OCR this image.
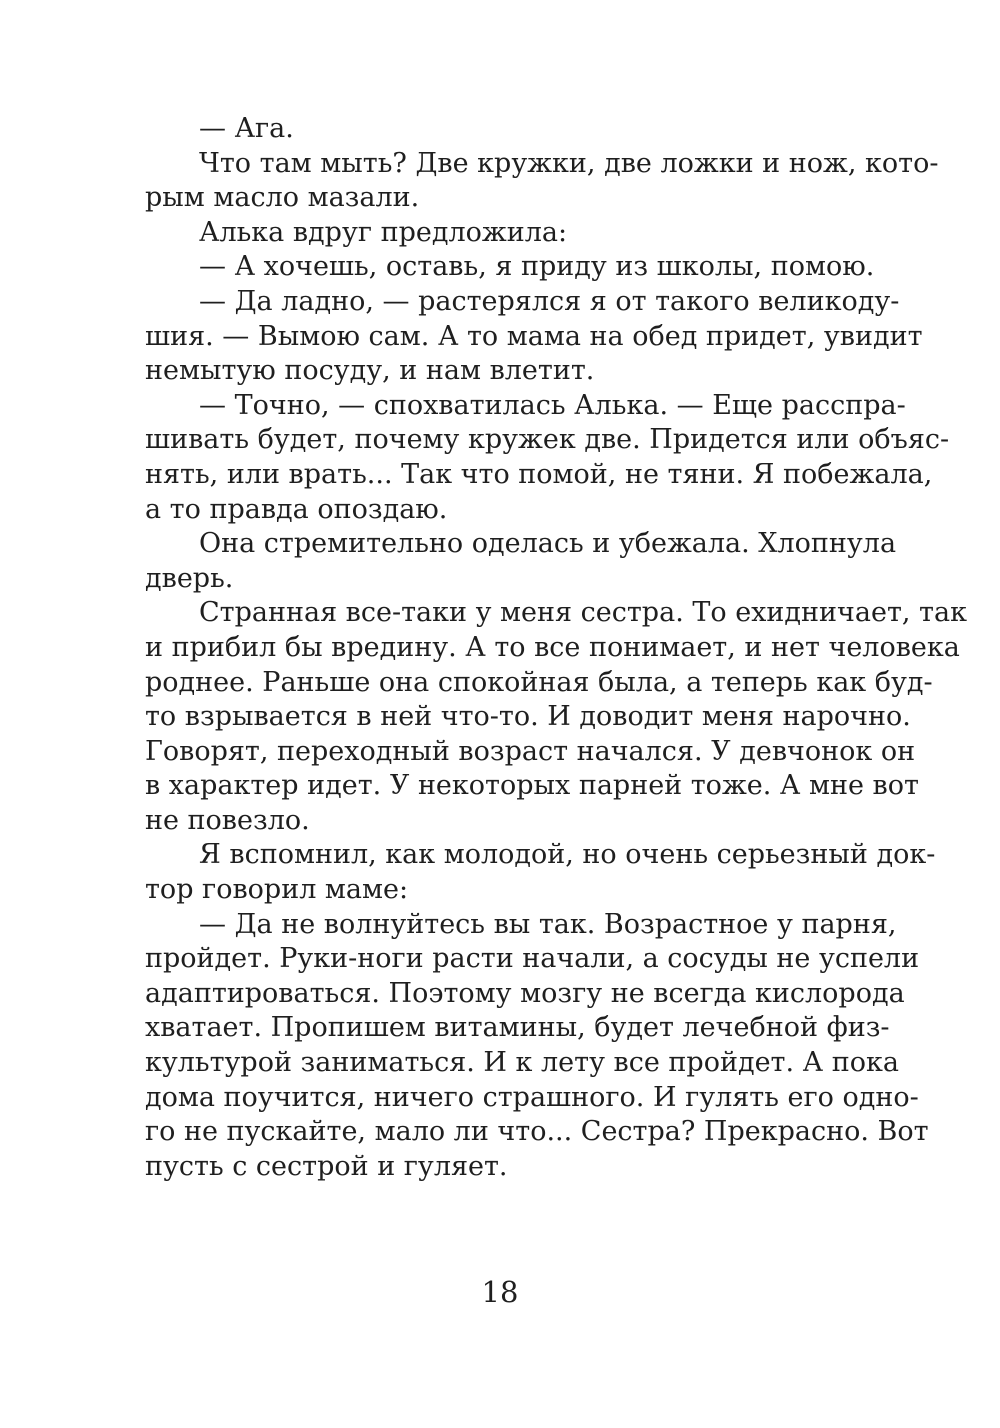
— Ага.
Что там мыть? Две кружки, две ложки и нож, кото-
рым масло мазали.
Алька вдруг предложила:
— А хочешь, оставь, я приду из школы, помою.
— Да ладно, — растерялся я от такого великоду-
шия. — Вымою сам. А то мама на обед придет, увидит
немытую посуду, и нам влетит.
— Точно, — спохватилась Алька. — Еще расспра-
шивать будет, почему кружек две. Придется или объяс-
нять, или врать... Так что помой, не тяни. Я побежала,
а то правда опоздаю.
Она стремительно оделась и убежала. Хлопнула
дверь.
Странная все-таки у меня сестра. То ехидничает, так
и прибил бы вредину. А то все понимает, и нет человека
роднее. Раньше она спокойная была, а теперь как буд-
то взрывается в ней что-то. И доводит меня нарочно.
Говорят, переходный возраст начался. У девчонок он
в характер идет. У некоторых парней тоже. А мне вот
не повезло.
Я вспомнил, как молодой, но очень серьезный док-
тор говорил маме:
— Да не волнуйтесь вы так. Возрастное у парня,
пройдет. Руки-ноги расти начали, а сосуды не успели
адаптироваться. Поэтому мозгу не всегда кислорода
хватает. Пропишем витамины, будет лечебной физ-
культурой заниматься. И к лету все пройдет. А пока
дома поучится, ничего страшного. И гулять его одно-
го не пускайте, мало ли что... Сестра? Прекрасно. Вот
пусть с сестрой и гуляет.
18
